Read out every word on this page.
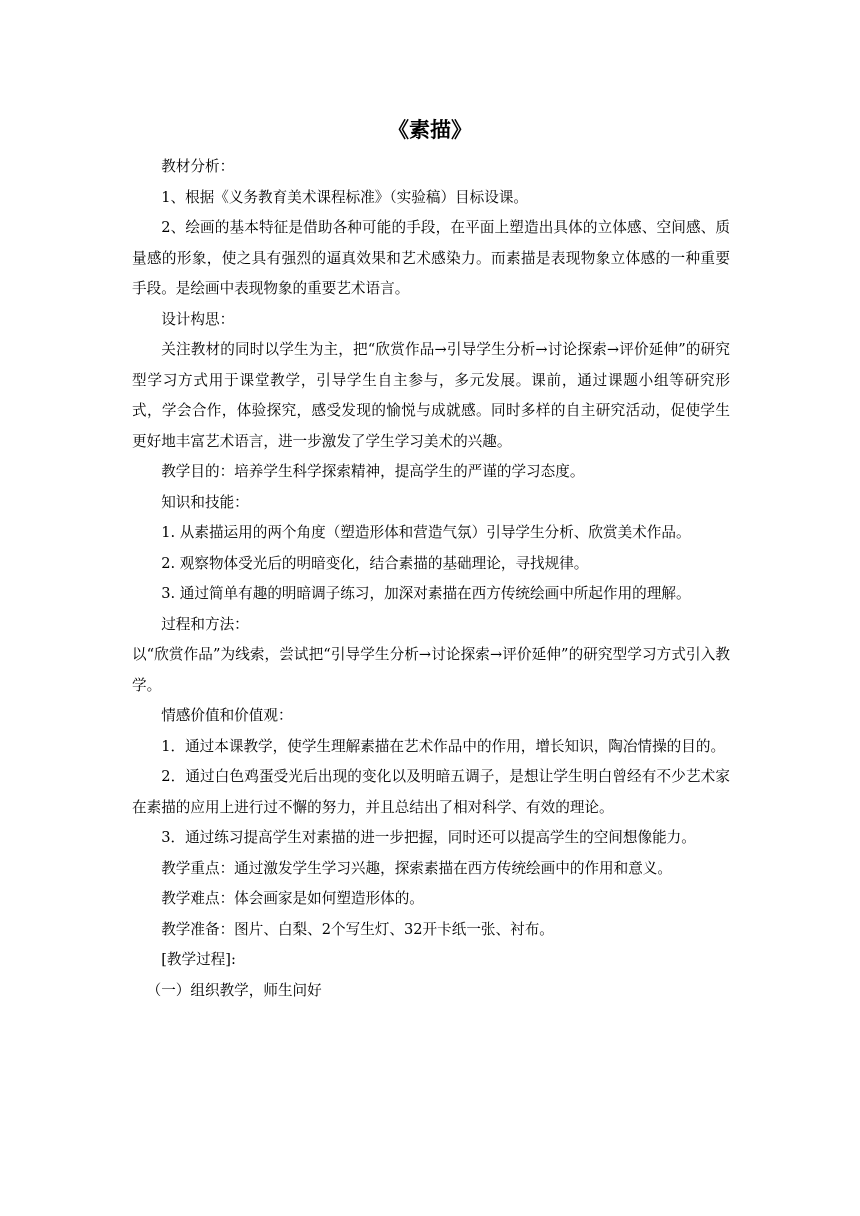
《素描》

教材分析：

1、根据《义务教育美术课程标准》（实验稿）目标设课。

2、绘画的基本特征是借助各种可能的手段，在平面上塑造出具体的立体感、空间感、质量感的形象，使之具有强烈的逼真效果和艺术感染力。而素描是表现物象立体感的一种重要手段。是绘画中表现物象的重要艺术语言。

设计构思：

关注教材的同时以学生为主，把“欣赏作品→引导学生分析→讨论探索→评价延伸”的研究型学习方式用于课堂教学，引导学生自主参与，多元发展。课前，通过课题小组等研究形式，学会合作，体验探究，感受发现的愉悦与成就感。同时多样的自主研究活动，促使学生更好地丰富艺术语言，进一步激发了学生学习美术的兴趣。

教学目的：培养学生科学探索精神，提高学生的严谨的学习态度。

知识和技能：

1. 从素描运用的两个角度（塑造形体和营造气氛）引导学生分析、欣赏美术作品。

2. 观察物体受光后的明暗变化，结合素描的基础理论，寻找规律。

3. 通过简单有趣的明暗调子练习，加深对素描在西方传统绘画中所起作用的理解。

过程和方法：

以“欣赏作品”为线索，尝试把“引导学生分析→讨论探索→评价延伸”的研究型学习方式引入教学。

情感价值和价值观：

1．通过本课教学，使学生理解素描在艺术作品中的作用，增长知识，陶冶情操的目的。

2．通过白色鸡蛋受光后出现的变化以及明暗五调子，是想让学生明白曾经有不少艺术家在素描的应用上进行过不懈的努力，并且总结出了相对科学、有效的理论。

3．通过练习提高学生对素描的进一步把握，同时还可以提高学生的空间想像能力。

教学重点：通过激发学生学习兴趣，探索素描在西方传统绘画中的作用和意义。

教学难点：体会画家是如何塑造形体的。

教学准备：图片、白梨、2个写生灯、32开卡纸一张、衬布。

[教学过程]:

（一）组织教学，师生问好
